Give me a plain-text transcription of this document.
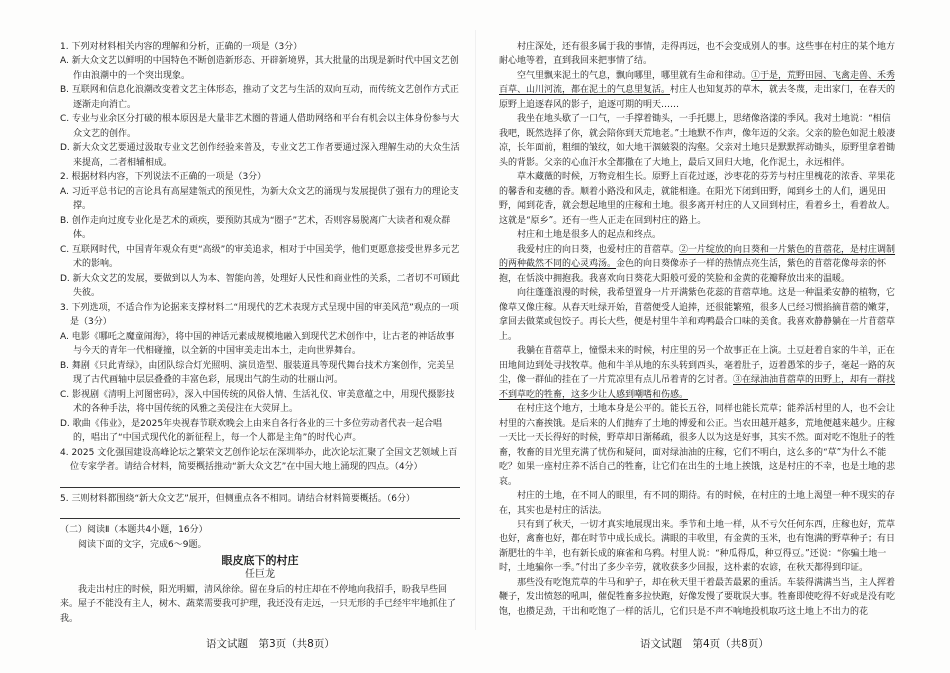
1. 下列对材料相关内容的理解和分析，正确的一项是（3分）

A. 新大众文艺以鲜明的中国特色不断创造新形态、开辟新境界，其大批量的出现是新时代中国文艺创作由浪潮中的一个突出现象。

B. 互联网和信息化浪潮改变着文艺主体形态，推动了文艺与生活的双向互动，而传统文艺创作方式正逐渐走向消亡。

C. 专业与业余区分打破的根本原因是大量非艺术圈的普通人借助网络和平台有机会以主体身份参与大众文艺的创作。

D. 新大众文艺要通过汲取专业文艺创作经验来普及，专业文艺工作者要通过深入理解生动的大众生活来提高，二者相辅相成。

2. 根据材料内容，下列说法不正确的一项是（3分）

A. 习近平总书记的言论具有高屋建瓴式的预见性，为新大众文艺的涌现与发展提供了强有力的理论支撑。

B. 创作走向过度专业化是艺术的顽疾，要预防其成为“圈子”艺术，否则容易脱离广大读者和观众群体。

C. 互联网时代，中国青年观众有更“高级”的审美追求，相对于中国美学，他们更愿意接受世界多元艺术的影响。

D. 新大众文艺的发展，要做到以人为本、智能向善，处理好人民性和商业性的关系，二者切不可顾此失彼。

3. 下列选项，不适合作为论据来支撑材料二“用现代的艺术表现方式呈现中国的审美风范”观点的一项是（3分）

A. 电影《哪吒之魔童闹海》，将中国的神话元素成规模地融入到现代艺术创作中，让古老的神话故事与今天的青年一代相碰撞，以全新的中国审美走出本土，走向世界舞台。

B. 舞剧《只此青绿》，由团队综合灯光照明、演员造型、服装道具等现代舞台技术方案创作，完美呈现了古代画轴中层层叠叠的丰富色彩，展现出气韵生动的壮丽山河。

C. 影视剧《清明上河图密码》，深入中国传统的风俗人情、生活礼仪、审美意蕴之中，用现代摄影技术的各种手法，将中国传统的风雅之美侵注在大荧屏上。

D. 歌曲《伟业》，是2025年央视春节联欢晚会上由来自各行各业的三十多位劳动者代表一起合唱的，唱出了“中国式现代化的新征程上，每一个人都是主角”的时代心声。

4. 2025 文化强国建设高峰论坛之繁荣文艺创作论坛在深圳举办，此次论坛汇聚了全国文艺领域上百位专家学者。请结合材料，简要概括推动“新大众文艺”在中国大地上涌现的四点。（4分）

5. 三则材料都围绕“新大众文艺”展开，但侧重点各不相同。请结合材料简要概括。（6分）

（二）阅读Ⅱ（本题共4小题，16分）

阅读下面的文字，完成6～9题。

眼皮底下的村庄

任巨龙

我走出村庄的时候，阳光明媚，清风徐徐。留在身后的村庄却在不停地向我招手，盼我早些回来。屋子不能没有主人，树木、蔬菜需要我可护理，我还没有走远，一只无形的手已经牢牢地抓住了我。

语文试题　第3页（共8页）

村庄深处，还有很多属于我的事情，走得再远，也不会变成别人的事。这些事在村庄的某个地方耐心地等着，直到我回来把事情了结。

空气里飘来泥土的气息，飘向哪里，哪里就有生命和律动。①于是，荒野田园、飞禽走兽、禾秀百草、山川河流，都在泥土的气息里复活。村庄人也知复苏的草木，就去冬蔑，走出家门，在春天的原野上追逐春风的影子，追逐可期的明天……

我坐在地头歇了一口气，一手撑着锄头，一手托腮上，思绪像洛漾的季风。我对土地说：“相信我吧，既然选择了你，就会陪你到天荒地老。”土地默不作声，像年迈的父亲。父亲的脸色如泥土般凄凉，长年面前，粗细的皱纹，如大地干涸皴裂的沟壑。父亲对土地只是默默挥动锄头，原野里拿着锄头的背影。父亲的心血汗水全都撒在了大地上，最后又回归大地，化作泥土，永远相伴。

草木藏薇的时候，万物竞相生长。原野上百花过逐，沙枣花的芬芳与村庄里槐花的浓香、苹果花的馨香和麦穗的香。顺着小路没和风走，就能相逢。在阳光下闭到田野，闻到乡土的人们，遇见田野，闻到花香，就会想起地里的庄稼和土地。很多离开村庄的人又回到村庄，看着乡土，看着故人。这就是“原乡”。还有一些人正走在回到村庄的路上。

村庄和土地是很多人的起点和终点。

我爱村庄的向日葵，也爱村庄的苜蓿草。②一片绽放的向日葵和一片紫色的苜蓿花，是村庄调制的两种截然不同的心灵鸡汤。金色的向日葵像赤子一样的热情点亮生活，紫色的苜蓿花像母亲的怀抱，在恬淡中拥抱我。我喜欢向日葵花大阳般可爱的笑脸和金黄的花瓣释放出来的温暖。

向往蓬蓬浪漫的时候，我希望置身一片开满紫色花蕊的苜蓿草地。这是一种温柔安静的植物，它像草又像庄稼。从春天吐绿开始，苜蓿便受人追捧，还很能繁殖，很多人已经习惯掐摘苜蓿的嫩芽，拿回去做菜或包饺子。再长大些，便是村里牛羊和鸡鸭最合口味的美食。我喜欢静静躺在一片苜蓿草上。

我躺在苜蓿草上，憧憬未来的时候，村庄里的另一个故事正在上演。土豆赶着自家的牛羊，正在田地间边到处寻找牧草。他和牛羊从地的东头转到西头，毫着肚子，迈着愚笨的步子，毫起一路的灰尘，像一群仙的挂在了一片荒凉里有点儿吊着青的乞讨者。③在绿油油苜蓿草的田野上，却有一群找不到草吃的牲畜，这多少让人感到嘲嗜和伤感。

在村庄这个地方，土地本身是公平的。能长五谷，同样也能长荒草；能养活村里的人，也不会让村里的六畜挨饿。是后来的人们抛弃了土地的博爱和公正。当农田越开越多，荒地便越来越少。庄稼一天比一天长得好的时候，野草却日渐稀疏，很多人以为这是好事，其实不然。面对吃不饱肚子的牲畜，牧畜的目光里充满了忧伤和疑问，面对绿油油的庄稼，它们不明白，这么多的“草”为什么不能吃？如果一座村庄养不活自己的牲畜，让它们在出生的土地上挨饿，这是村庄的不幸，也是土地的悲哀。

村庄的土地，在不同人的眼里，有不同的期待。有的时候，在村庄的土地上渴望一种不现实的存在，其实也是村庄的活法。

只有到了秋天，一切才真实地展现出来。季节和土地一样，从不亏欠任何东西，庄稼也好，荒草也好，禽畜也好，都在时节中成长成长。满眼的丰收里，有金黄的玉米，也有饱满的野草种子；有日渐肥壮的牛羊，也有新长成的麻雀和乌鸦。村里人说：“种瓜得瓜，种豆得豆。”还说：“你骗土地一时，土地骗你一季。”付出了多少辛劳，就收获多少回报，这朴素的农谚，在秋天都得到印证。

那些没有吃饱荒草的牛马和驴子，却在秋天里干着最苦最累的重活。车装得满满当当，主人挥着鞭子，发出愤怒的吼叫，催促牲畜多拉快跑，好像发慢了要耽误大事。牲畜即使吃得不好或是没有吃饱，也攒足劲，干出和吃饱了一样的活儿，它们只是不声不响地投机取巧这土地上不出力的花

语文试题　第4页（共8页）
